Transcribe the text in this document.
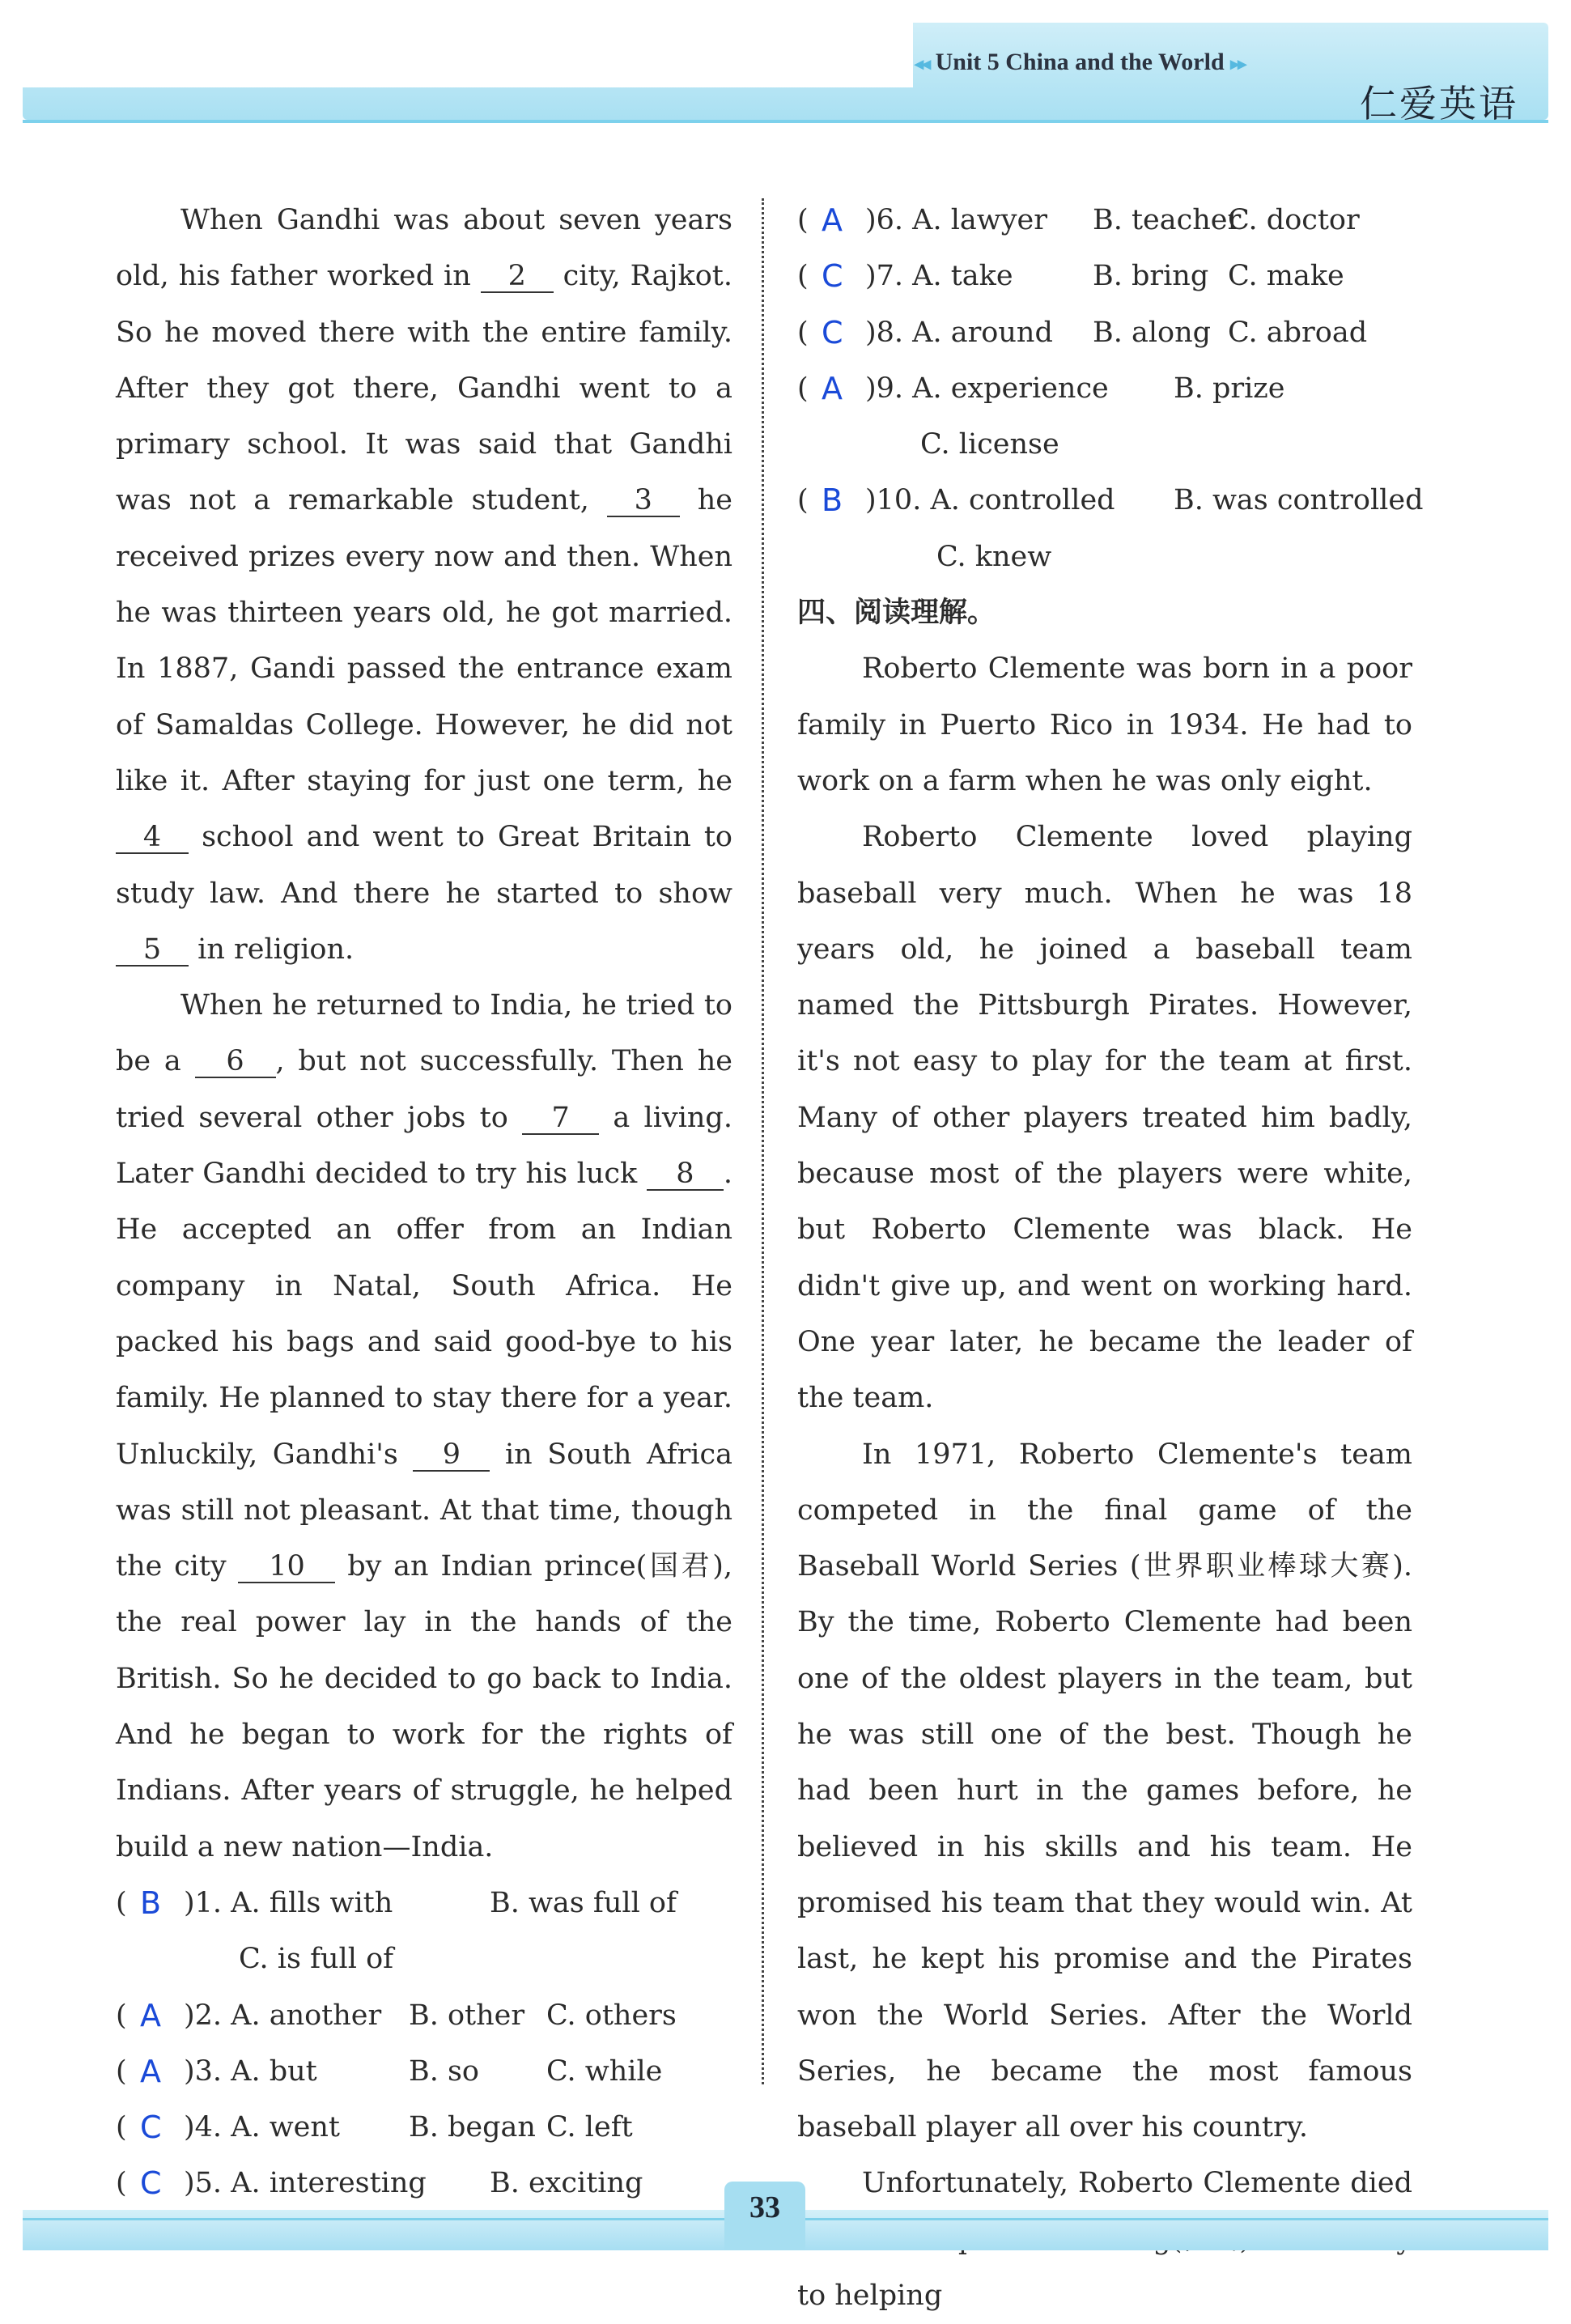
◂◂ Unit 5 China and the World ▸▸
仁爱英语

When Gandhi was about seven years old, his father worked in 2 city, Rajkot. So he moved there with the entire family. After they got there, Gandhi went to a primary school. It was said that Gandhi was not a remarkable student, 3 he received prizes every now and then. When he was thirteen years old, he got married. In 1887, Gandi passed the entrance exam of Samaldas College. However, he did not like it. After staying for just one term, he 4 school and went to Great Britain to study law. And there he started to show 5 in religion.

When he returned to India, he tried to be a 6 , but not successfully. Then he tried several other jobs to 7 a living. Later Gandhi decided to try his luck 8 . He accepted an offer from an Indian company in Natal, South Africa. He packed his bags and said good-bye to his family. He planned to stay there for a year. Unluckily, Gandhi's 9 in South Africa was still not pleasant. At that time, though the city 10 by an Indian prince(国君), the real power lay in the hands of the British. So he decided to go back to India. And he began to work for the rights of Indians. After years of struggle, he helped build a new nation—India.

( B )1. A. fills with	B. was full of
C. is full of
( A )2. A. another B. other C. others
( A )3. A. but	B. so C. while
( C )4. A. went B. began C. left
( C )5. A. interesting B. exciting
( A )6. A. lawyer B. teacher
C. doctor
( C )7. A. take	B. bring C. make
( C )8. A. around B. along C. abroad
( A )9. A. experience B. prize
C. license
( B )10. A. controlled B. was controlled
C. knew

四、阅读理解。

Roberto Clemente was born in a poor family in Puerto Rico in 1934. He had to work on a farm when he was only eight.

Roberto Clemente loved playing baseball very much. When he was 18 years old, he joined a baseball team named the Pittsburgh Pirates. However, it's not easy to play for the team at first. Many of other players treated him badly, because most of the players were white, but Roberto Clemente was black. He didn't give up, and went on working hard. One year later, he became the leader of the team.

In 1971, Roberto Clemente's team competed in the final game of the Baseball World Series (世界职业棒球大赛). By the time, Roberto Clemente had been one of the oldest players in the team, but he was still one of the best. Though he had been hurt in the games before, he believed in his skills and his team. He promised his team that they would win. At last, he kept his promise and the Pirates won the World Series. After the World Series, he became the most famous baseball player all over his country.

Unfortunately, Roberto Clemente died to helping

33
